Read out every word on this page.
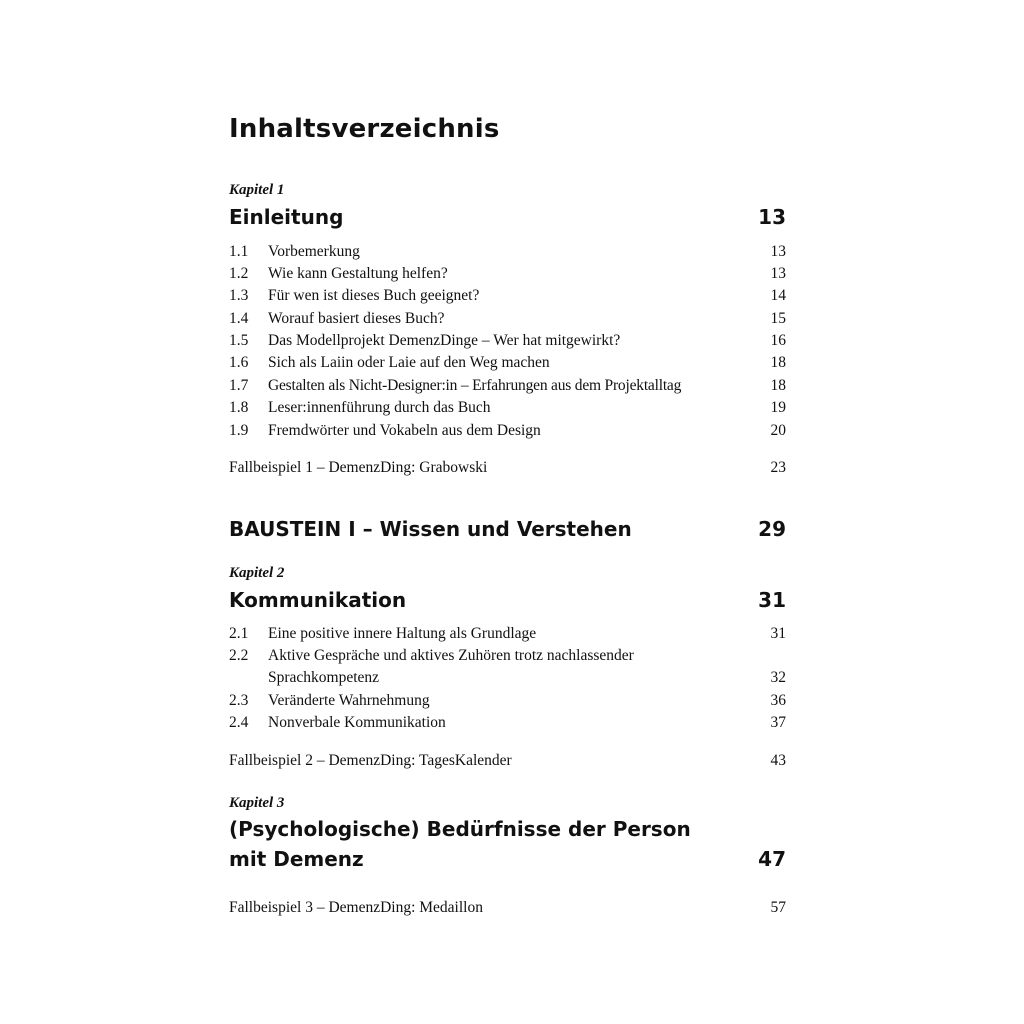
Inhaltsverzeichnis
Kapitel 1
Einleitung	13
1.1 Vorbemerkung	13
1.2 Wie kann Gestaltung helfen?	13
1.3 Für wen ist dieses Buch geeignet?	14
1.4 Worauf basiert dieses Buch?	15
1.5 Das Modellprojekt DemenzDinge – Wer hat mitgewirkt?	16
1.6 Sich als Laiin oder Laie auf den Weg machen	18
1.7 Gestalten als Nicht-Designer:in – Erfahrungen aus dem Projektalltag	18
1.8 Leser:innenführung durch das Buch	19
1.9 Fremdwörter und Vokabeln aus dem Design	20
Fallbeispiel 1 – DemenzDing: Grabowski	23
BAUSTEIN I – Wissen und Verstehen	29
Kapitel 2
Kommunikation	31
2.1 Eine positive innere Haltung als Grundlage	31
2.2 Aktive Gespräche und aktives Zuhören trotz nachlassender Sprachkompetenz	32
2.3 Veränderte Wahrnehmung	36
2.4 Nonverbale Kommunikation	37
Fallbeispiel 2 – DemenzDing: TagesKalender	43
Kapitel 3
(Psychologische) Bedürfnisse der Person
mit Demenz	47
Fallbeispiel 3 – DemenzDing: Medaillon	57
